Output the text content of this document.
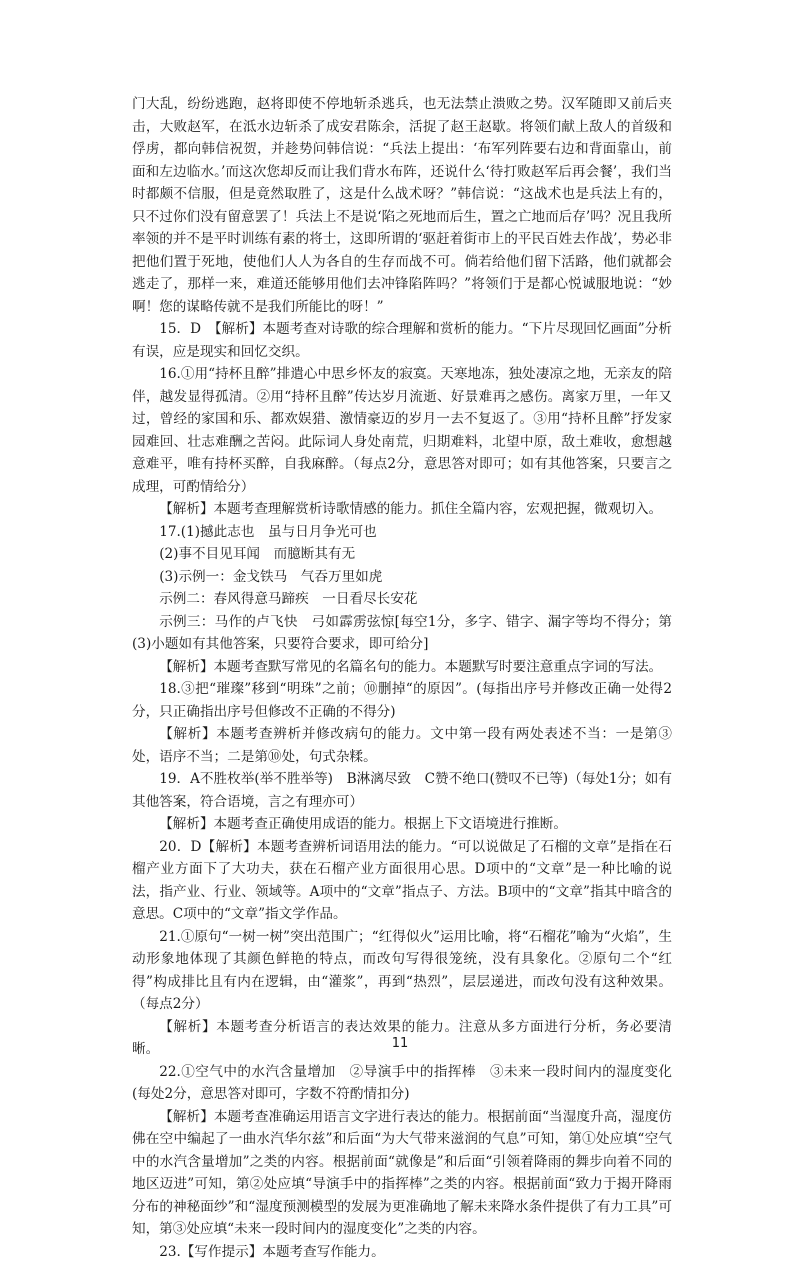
门大乱，纷纷逃跑，赵将即使不停地斩杀逃兵，也无法禁止溃败之势。汉军随即又前后夹击，大败赵军，在泜水边斩杀了成安君陈余，活捉了赵王赵歇。将领们献上敌人的首级和俘虏，都向韩信祝贺，并趁势问韩信说：“兵法上提出：‘布军列阵要右边和背面靠山，前面和左边临水。’而这次您却反而让我们背水布阵，还说什么‘待打败赵军后再会餐’，我们当时都颇不信服，但是竟然取胜了，这是什么战术呀？”韩信说：“这战术也是兵法上有的，只不过你们没有留意罢了！兵法上不是说‘陷之死地而后生，置之亡地而后存’吗？况且我所率领的并不是平时训练有素的将士，这即所谓的‘驱赶着街市上的平民百姓去作战’，势必非把他们置于死地，使他们人人为各自的生存而战不可。倘若给他们留下活路，他们就都会逃走了，那样一来，难道还能够用他们去冲锋陷阵吗？”将领们于是都心悦诚服地说：“妙啊！您的谋略传就不是我们所能比的呀！”

15．D　【解析】本题考查对诗歌的综合理解和赏析的能力。“下片尽现回忆画面”分析有误，应是现实和回忆交织。

16.①用“持杯且醉”排遣心中思乡怀友的寂寞。天寒地冻，独处凄凉之地，无亲友的陪伴，越发显得孤清。②用“持杯且醉”传达岁月流逝、好景难再之感伤。离家万里，一年又过，曾经的家国和乐、都欢娱猎、激情豪迈的岁月一去不复返了。③用“持杯且醉”抒发家园难回、壮志难酬之苦闷。此际词人身处南荒，归期难料，北望中原，敌土难收，愈想越意难平，唯有持杯买醉，自我麻醉。（每点2分，意思答对即可；如有其他答案，只要言之成理，可酌情给分）

【解析】本题考查理解赏析诗歌情感的能力。抓住全篇内容，宏观把握，微观切入。

17.(1)撼此志也　虽与日月争光可也

(2)事不目见耳闻　而臆断其有无

(3)示例一：金戈铁马　气吞万里如虎

示例二：春风得意马蹄疾　一日看尽长安花

示例三：马作的卢飞快　弓如霹雳弦惊[每空1分，多字、错字、漏字等均不得分；第(3)小题如有其他答案，只要符合要求，即可给分]

【解析】本题考查默写常见的名篇名句的能力。本题默写时要注意重点字词的写法。

18.③把“璀璨”移到“明珠”之前；⑩删掉“的原因”。(每指出序号并修改正确一处得2分，只正确指出序号但修改不正确的不得分)

【解析】本题考查辨析并修改病句的能力。文中第一段有两处表述不当：一是第③处，语序不当；二是第⑩处，句式杂糅。

19．A不胜枚举(举不胜举等)　B淋漓尽致　C赞不绝口(赞叹不已等)（每处1分；如有其他答案，符合语境，言之有理亦可）

【解析】本题考查正确使用成语的能力。根据上下文语境进行推断。

20．D【解析】本题考查辨析词语用法的能力。“可以说做足了石榴的文章”是指在石榴产业方面下了大功夫，获在石榴产业方面很用心思。D项中的“文章”是一种比喻的说法，指产业、行业、领域等。A项中的“文章”指点子、方法。B项中的“文章”指其中暗含的意思。C项中的“文章”指文学作品。

21.①原句“一树一树”突出范围广；“红得似火”运用比喻，将“石榴花”喻为“火焰”，生动形象地体现了其颜色鲜艳的特点，而改句写得很笼统，没有具象化。②原句二个“红得”构成排比且有内在逻辑，由“灌浆”，再到“热烈”，层层递进，而改句没有这种效果。（每点2分）

【解析】本题考查分析语言的表达效果的能力。注意从多方面进行分析，务必要清晰。

22.①空气中的水汽含量增加　②导演手中的指挥棒　③未来一段时间内的湿度变化(每处2分，意思答对即可，字数不符酌情扣分)

【解析】本题考查准确运用语言文字进行表达的能力。根据前面“当湿度升高，湿度仿佛在空中编起了一曲水汽华尔兹”和后面“为大气带来滋润的气息”可知，第①处应填“空气中的水汽含量增加”之类的内容。根据前面“就像是”和后面“引领着降雨的舞步向着不同的地区迈进”可知，第②处应填“导演手中的指挥棒”之类的内容。根据前面“致力于揭开降雨分布的神秘面纱”和“湿度预测模型的发展为更准确地了解未来降水条件提供了有力工具”可知，第③处应填“未来一段时间内的湿度变化”之类的内容。

23.【写作提示】本题考查写作能力。

11
